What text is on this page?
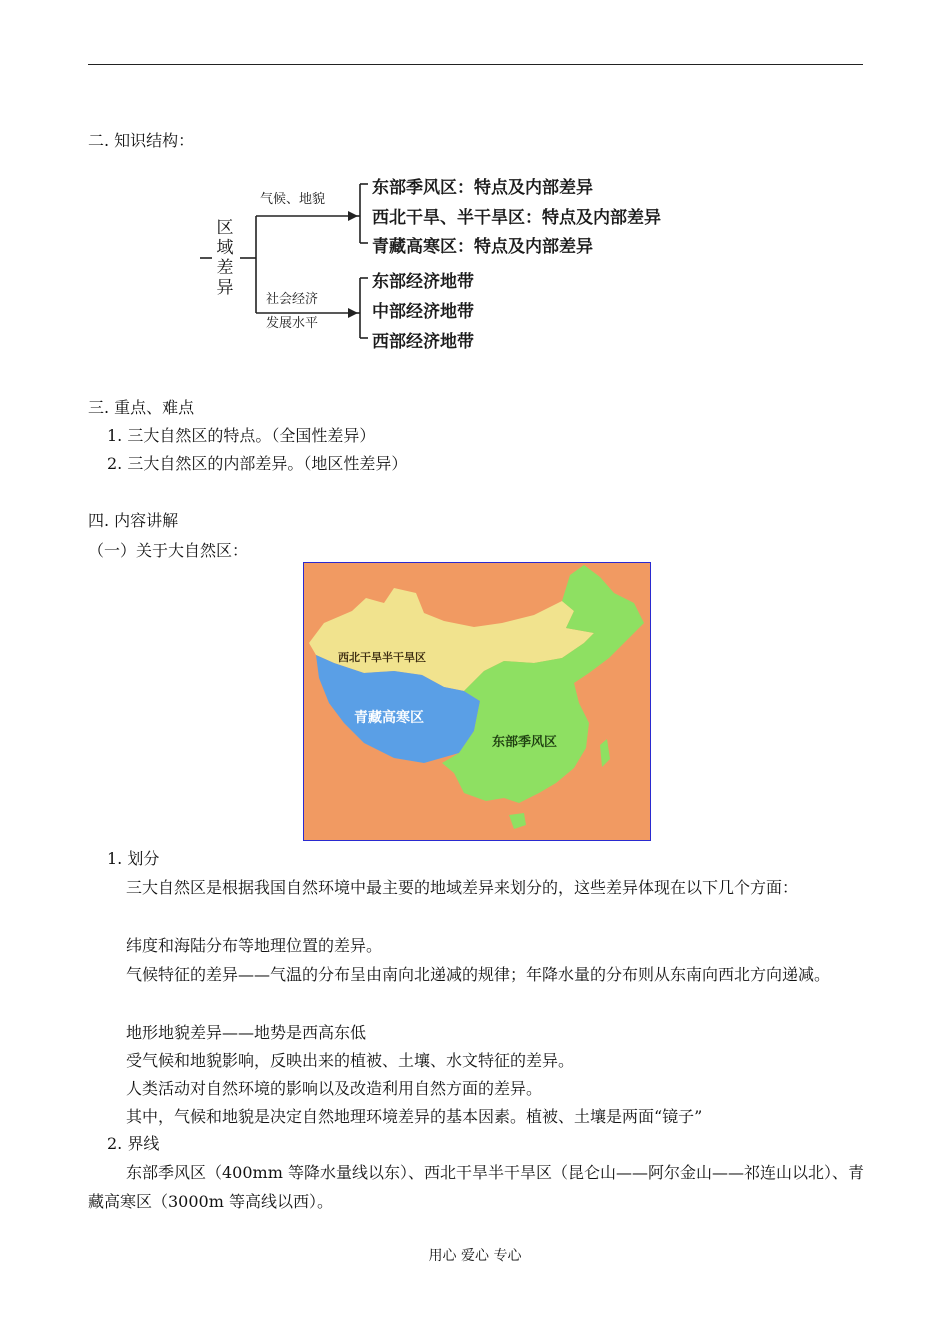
二. 知识结构：
区
域
差
异
气候、地貌
社会经济
发展水平
东部季风区：特点及内部差异
西北干旱、半干旱区：特点及内部差异
青藏高寒区：特点及内部差异
东部经济地带
中部经济地带
西部经济地带
三. 重点、难点
1. 三大自然区的特点。（全国性差异）
2. 三大自然区的内部差异。（地区性差异）
四. 内容讲解
（一）关于大自然区：
西北干旱半干旱区
青藏高寒区
东部季风区
1. 划分
三大自然区是根据我国自然环境中最主要的地域差异来划分的，这些差异体现在以下几个方面：
纬度和海陆分布等地理位置的差异。
气候特征的差异——气温的分布呈由南向北递减的规律；年降水量的分布则从东南向西北方向递减。
地形地貌差异——地势是西高东低
受气候和地貌影响，反映出来的植被、土壤、水文特征的差异。
人类活动对自然环境的影响以及改造利用自然方面的差异。
其中，气候和地貌是决定自然地理环境差异的基本因素。植被、土壤是两面“镜子”
2. 界线
东部季风区（400mm 等降水量线以东）、西北干旱半干旱区（昆仑山——阿尔金山——祁连山以北）、青藏高寒区（3000m 等高线以西）。
用心 爱心 专心
